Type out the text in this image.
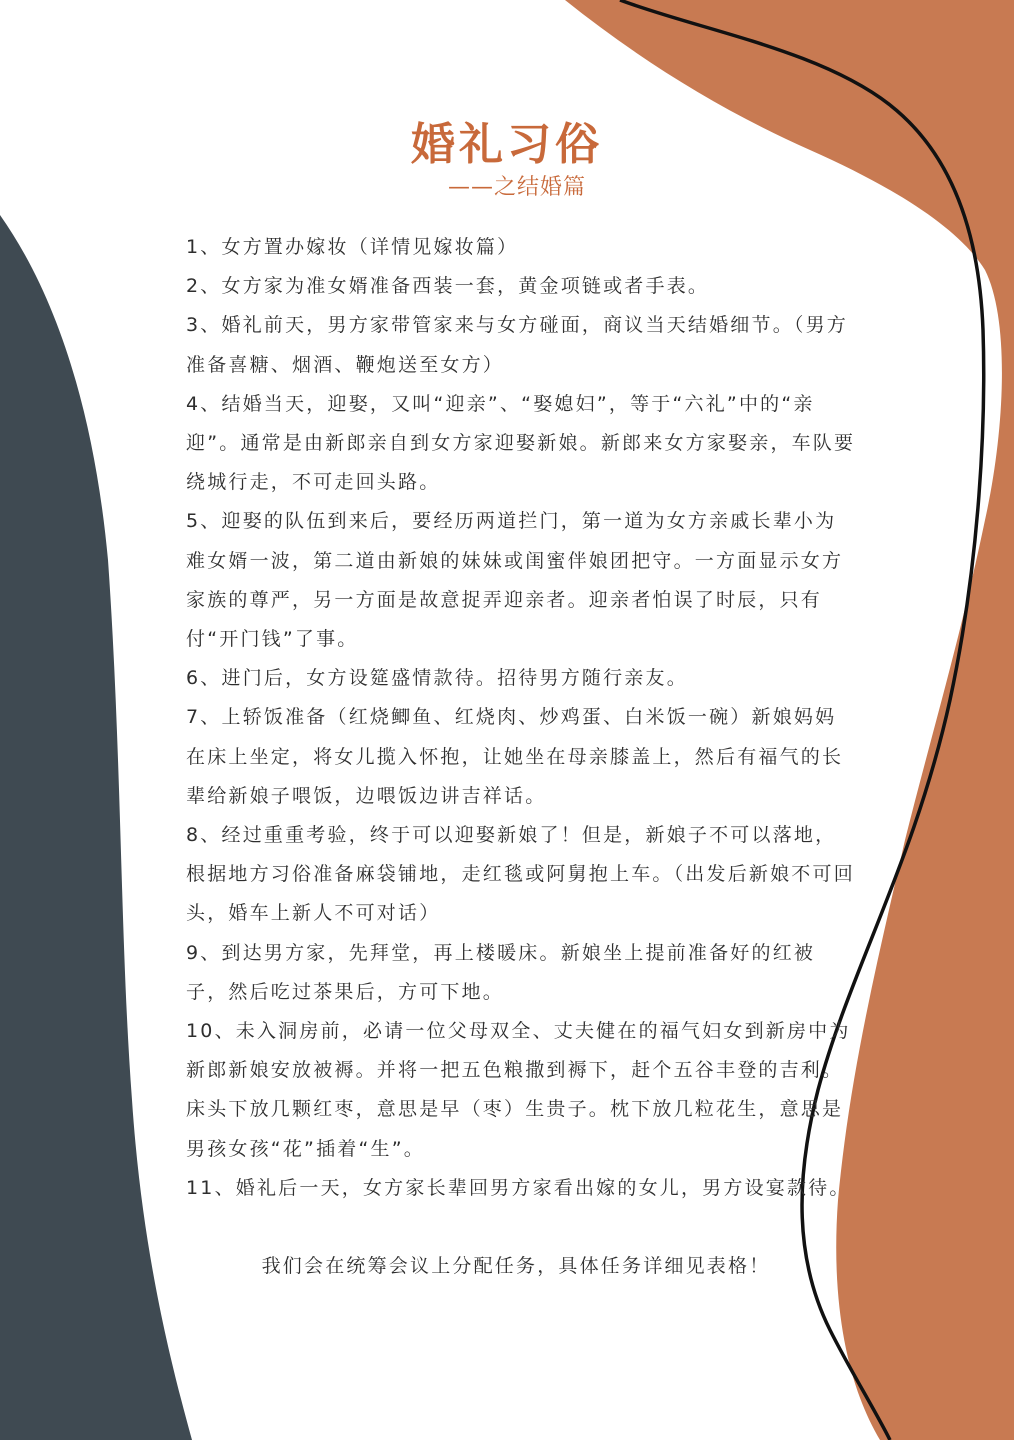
婚礼习俗
——之结婚篇

1、女方置办嫁妆（详情见嫁妆篇）

2、女方家为准女婿准备西装一套，黄金项链或者手表。

3、婚礼前天，男方家带管家来与女方碰面，商议当天结婚细节。（男方准备喜糖、烟酒、鞭炮送至女方）

4、结婚当天，迎娶，又叫“迎亲”、“娶媳妇”，等于“六礼”中的“亲迎”。通常是由新郎亲自到女方家迎娶新娘。新郎来女方家娶亲，车队要绕城行走，不可走回头路。

5、迎娶的队伍到来后，要经历两道拦门，第一道为女方亲戚长辈小为难女婿一波，第二道由新娘的妹妹或闺蜜伴娘团把守。一方面显示女方家族的尊严，另一方面是故意捉弄迎亲者。迎亲者怕误了时辰，只有付“开门钱”了事。

6、进门后，女方设筵盛情款待。招待男方随行亲友。

7、上轿饭准备（红烧鲫鱼、红烧肉、炒鸡蛋、白米饭一碗）新娘妈妈在床上坐定，将女儿揽入怀抱，让她坐在母亲膝盖上，然后有福气的长辈给新娘子喂饭，边喂饭边讲吉祥话。

8、经过重重考验，终于可以迎娶新娘了！但是，新娘子不可以落地，根据地方习俗准备麻袋铺地，走红毯或阿舅抱上车。（出发后新娘不可回头，婚车上新人不可对话）

9、到达男方家，先拜堂，再上楼暖床。新娘坐上提前准备好的红被子，然后吃过茶果后，方可下地。

10、未入洞房前，必请一位父母双全、丈夫健在的福气妇女到新房中为新郎新娘安放被褥。并将一把五色粮撒到褥下，赶个五谷丰登的吉利。床头下放几颗红枣，意思是早（枣）生贵子。枕下放几粒花生，意思是男孩女孩“花”插着“生”。

11、婚礼后一天，女方家长辈回男方家看出嫁的女儿，男方设宴款待。

我们会在统筹会议上分配任务，具体任务详细见表格！
